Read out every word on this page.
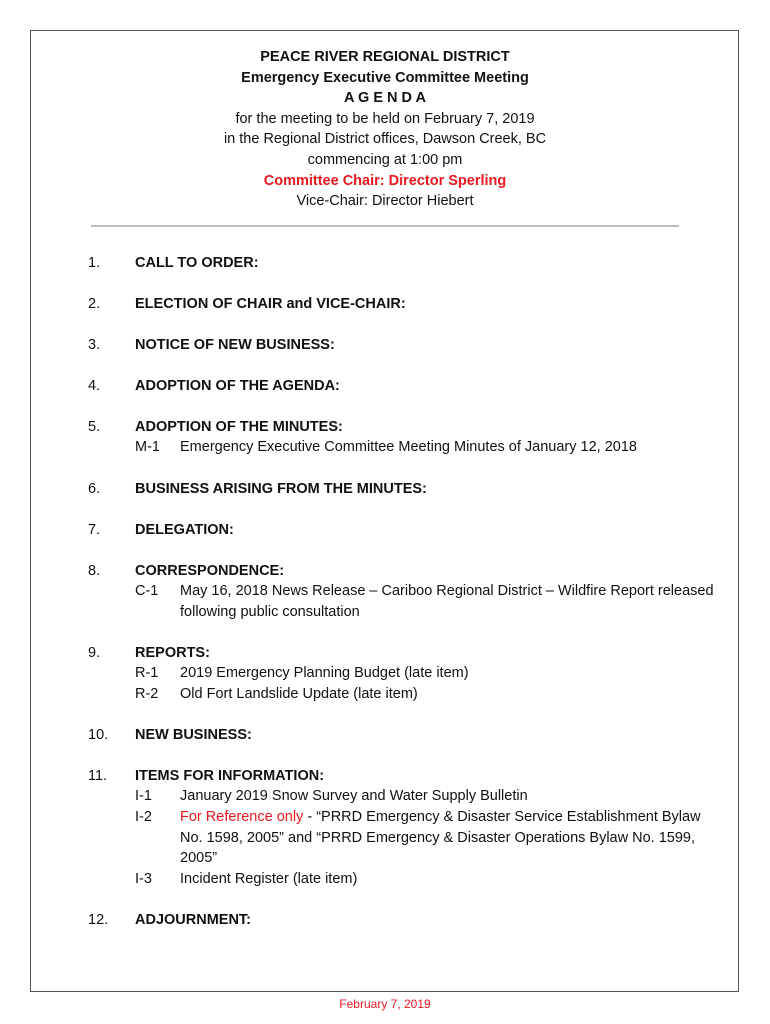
PEACE RIVER REGIONAL DISTRICT
Emergency Executive Committee Meeting
A G E N D A
for the meeting to be held on February 7, 2019
in the Regional District offices, Dawson Creek, BC
commencing at 1:00 pm
Committee Chair: Director Sperling
Vice-Chair: Director Hiebert
1. CALL TO ORDER:
2. ELECTION OF CHAIR and VICE-CHAIR:
3. NOTICE OF NEW BUSINESS:
4. ADOPTION OF THE AGENDA:
5. ADOPTION OF THE MINUTES:
M-1 Emergency Executive Committee Meeting Minutes of January 12, 2018
6. BUSINESS ARISING FROM THE MINUTES:
7. DELEGATION:
8. CORRESPONDENCE:
C-1 May 16, 2018 News Release – Cariboo Regional District – Wildfire Report released following public consultation
9. REPORTS:
R-1 2019 Emergency Planning Budget (late item)
R-2 Old Fort Landslide Update (late item)
10. NEW BUSINESS:
11. ITEMS FOR INFORMATION:
I-1 January 2019 Snow Survey and Water Supply Bulletin
I-2 For Reference only - “PRRD Emergency & Disaster Service Establishment Bylaw No. 1598, 2005” and “PRRD Emergency & Disaster Operations Bylaw No. 1599, 2005”
I-3 Incident Register (late item)
12. ADJOURNMENT:
February 7, 2019
